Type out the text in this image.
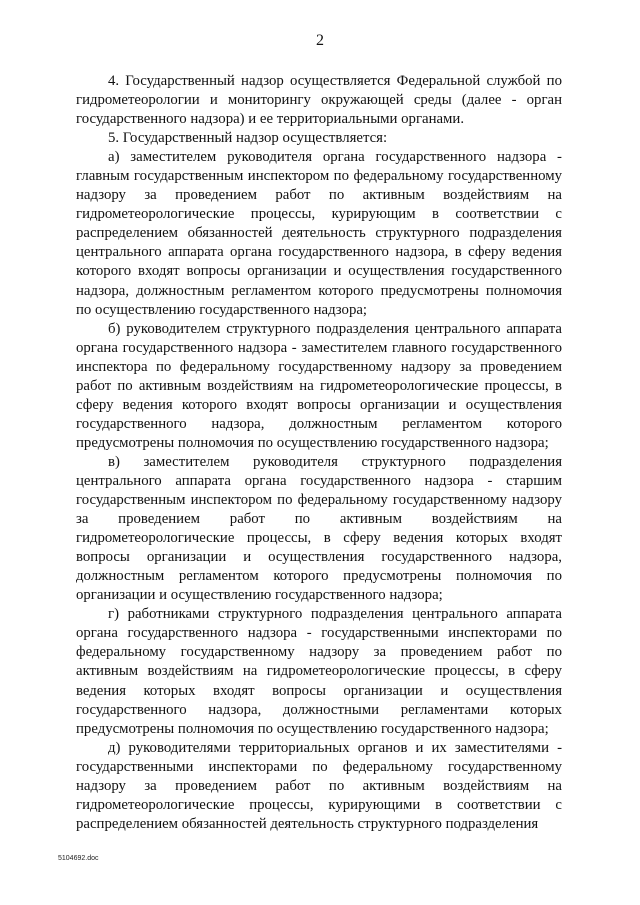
2

4. Государственный надзор осуществляется Федеральной службой по гидрометеорологии и мониторингу окружающей среды (далее - орган государственного надзора) и ее территориальными органами.

5. Государственный надзор осуществляется:

а) заместителем руководителя органа государственного надзора - главным государственным инспектором по федеральному государственному надзору за проведением работ по активным воздействиям на гидрометеорологические процессы, курирующим в соответствии с распределением обязанностей деятельность структурного подразделения центрального аппарата органа государственного надзора, в сферу ведения которого входят вопросы организации и осуществления государственного надзора, должностным регламентом которого предусмотрены полномочия по осуществлению государственного надзора;

б) руководителем структурного подразделения центрального аппарата органа государственного надзора - заместителем главного государственного инспектора по федеральному государственному надзору за проведением работ по активным воздействиям на гидрометеорологические процессы, в сферу ведения которого входят вопросы организации и осуществления государственного надзора, должностным регламентом которого предусмотрены полномочия по осуществлению государственного надзора;

в) заместителем руководителя структурного подразделения центрального аппарата органа государственного надзора - старшим государственным инспектором по федеральному государственному надзору за проведением работ по активным воздействиям на гидрометеорологические процессы, в сферу ведения которых входят вопросы организации и осуществления государственного надзора, должностным регламентом которого предусмотрены полномочия по организации и осуществлению государственного надзора;

г) работниками структурного подразделения центрального аппарата органа государственного надзора - государственными инспекторами по федеральному государственному надзору за проведением работ по активным воздействиям на гидрометеорологические процессы, в сферу ведения которых входят вопросы организации и осуществления государственного надзора, должностными регламентами которых предусмотрены полномочия по осуществлению государственного надзора;

д) руководителями территориальных органов и их заместителями - государственными инспекторами по федеральному государственному надзору за проведением работ по активным воздействиям на гидрометеорологические процессы, курирующими в соответствии с распределением обязанностей деятельность структурного подразделения

5104692.doc
